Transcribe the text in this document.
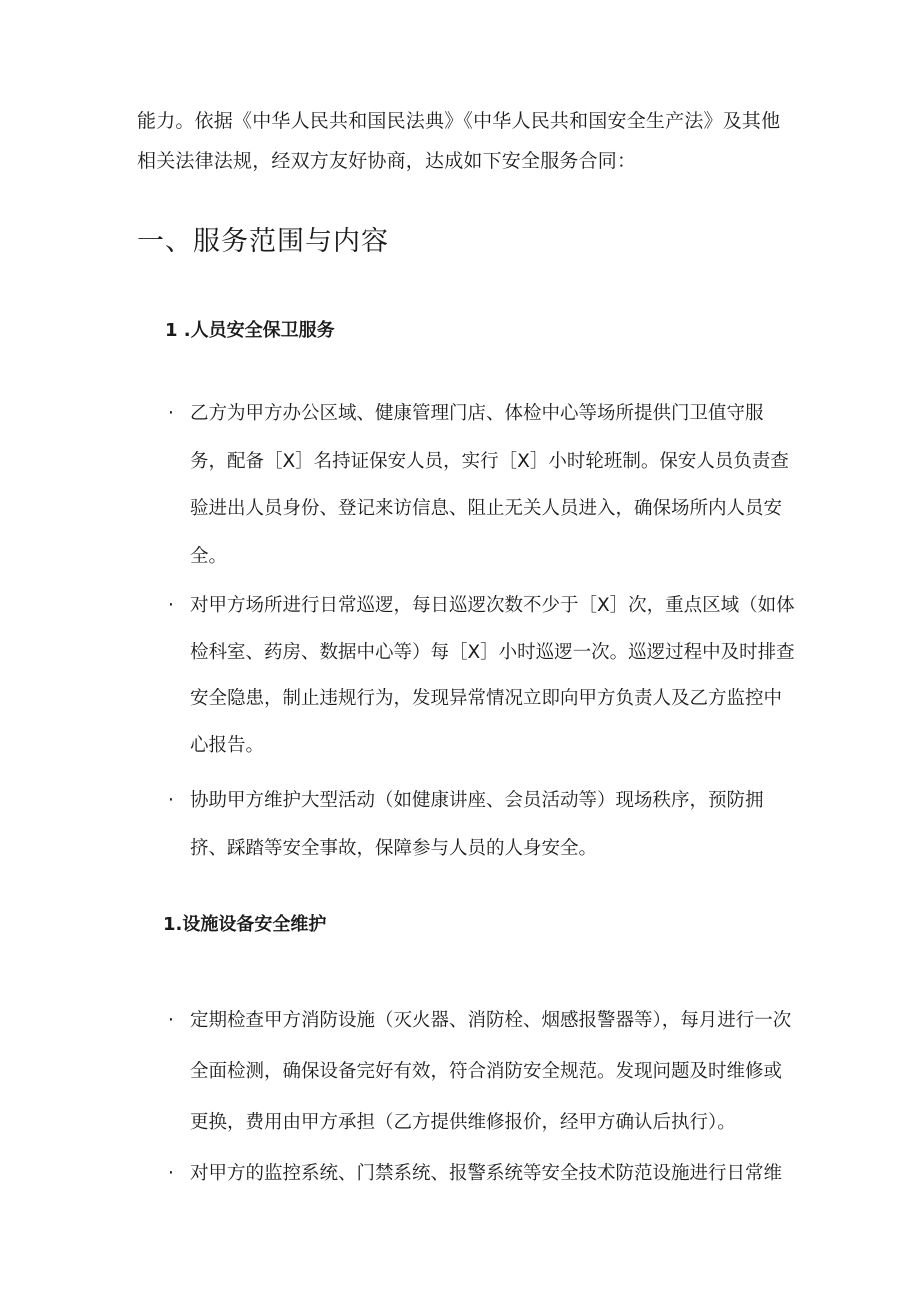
能力。依据《中华人民共和国民法典》《中华人民共和国安全生产法》及其他相关法律法规，经双方友好协商，达成如下安全服务合同：

一、服务范围与内容
1 .人员安全保卫服务
· 乙方为甲方办公区域、健康管理门店、体检中心等场所提供门卫值守服务，配备［X］名持证保安人员，实行［X］小时轮班制。保安人员负责查验进出人员身份、登记来访信息、阻止无关人员进入，确保场所内人员安全。
· 对甲方场所进行日常巡逻，每日巡逻次数不少于［X］次，重点区域（如体检科室、药房、数据中心等）每［X］小时巡逻一次。巡逻过程中及时排查安全隐患，制止违规行为，发现异常情况立即向甲方负责人及乙方监控中心报告。
· 协助甲方维护大型活动（如健康讲座、会员活动等）现场秩序，预防拥挤、踩踏等安全事故，保障参与人员的人身安全。
1.设施设备安全维护
· 定期检查甲方消防设施（灭火器、消防栓、烟感报警器等），每月进行一次全面检测，确保设备完好有效，符合消防安全规范。发现问题及时维修或更换，费用由甲方承担（乙方提供维修报价，经甲方确认后执行）。
· 对甲方的监控系统、门禁系统、报警系统等安全技术防范设施进行日常维
